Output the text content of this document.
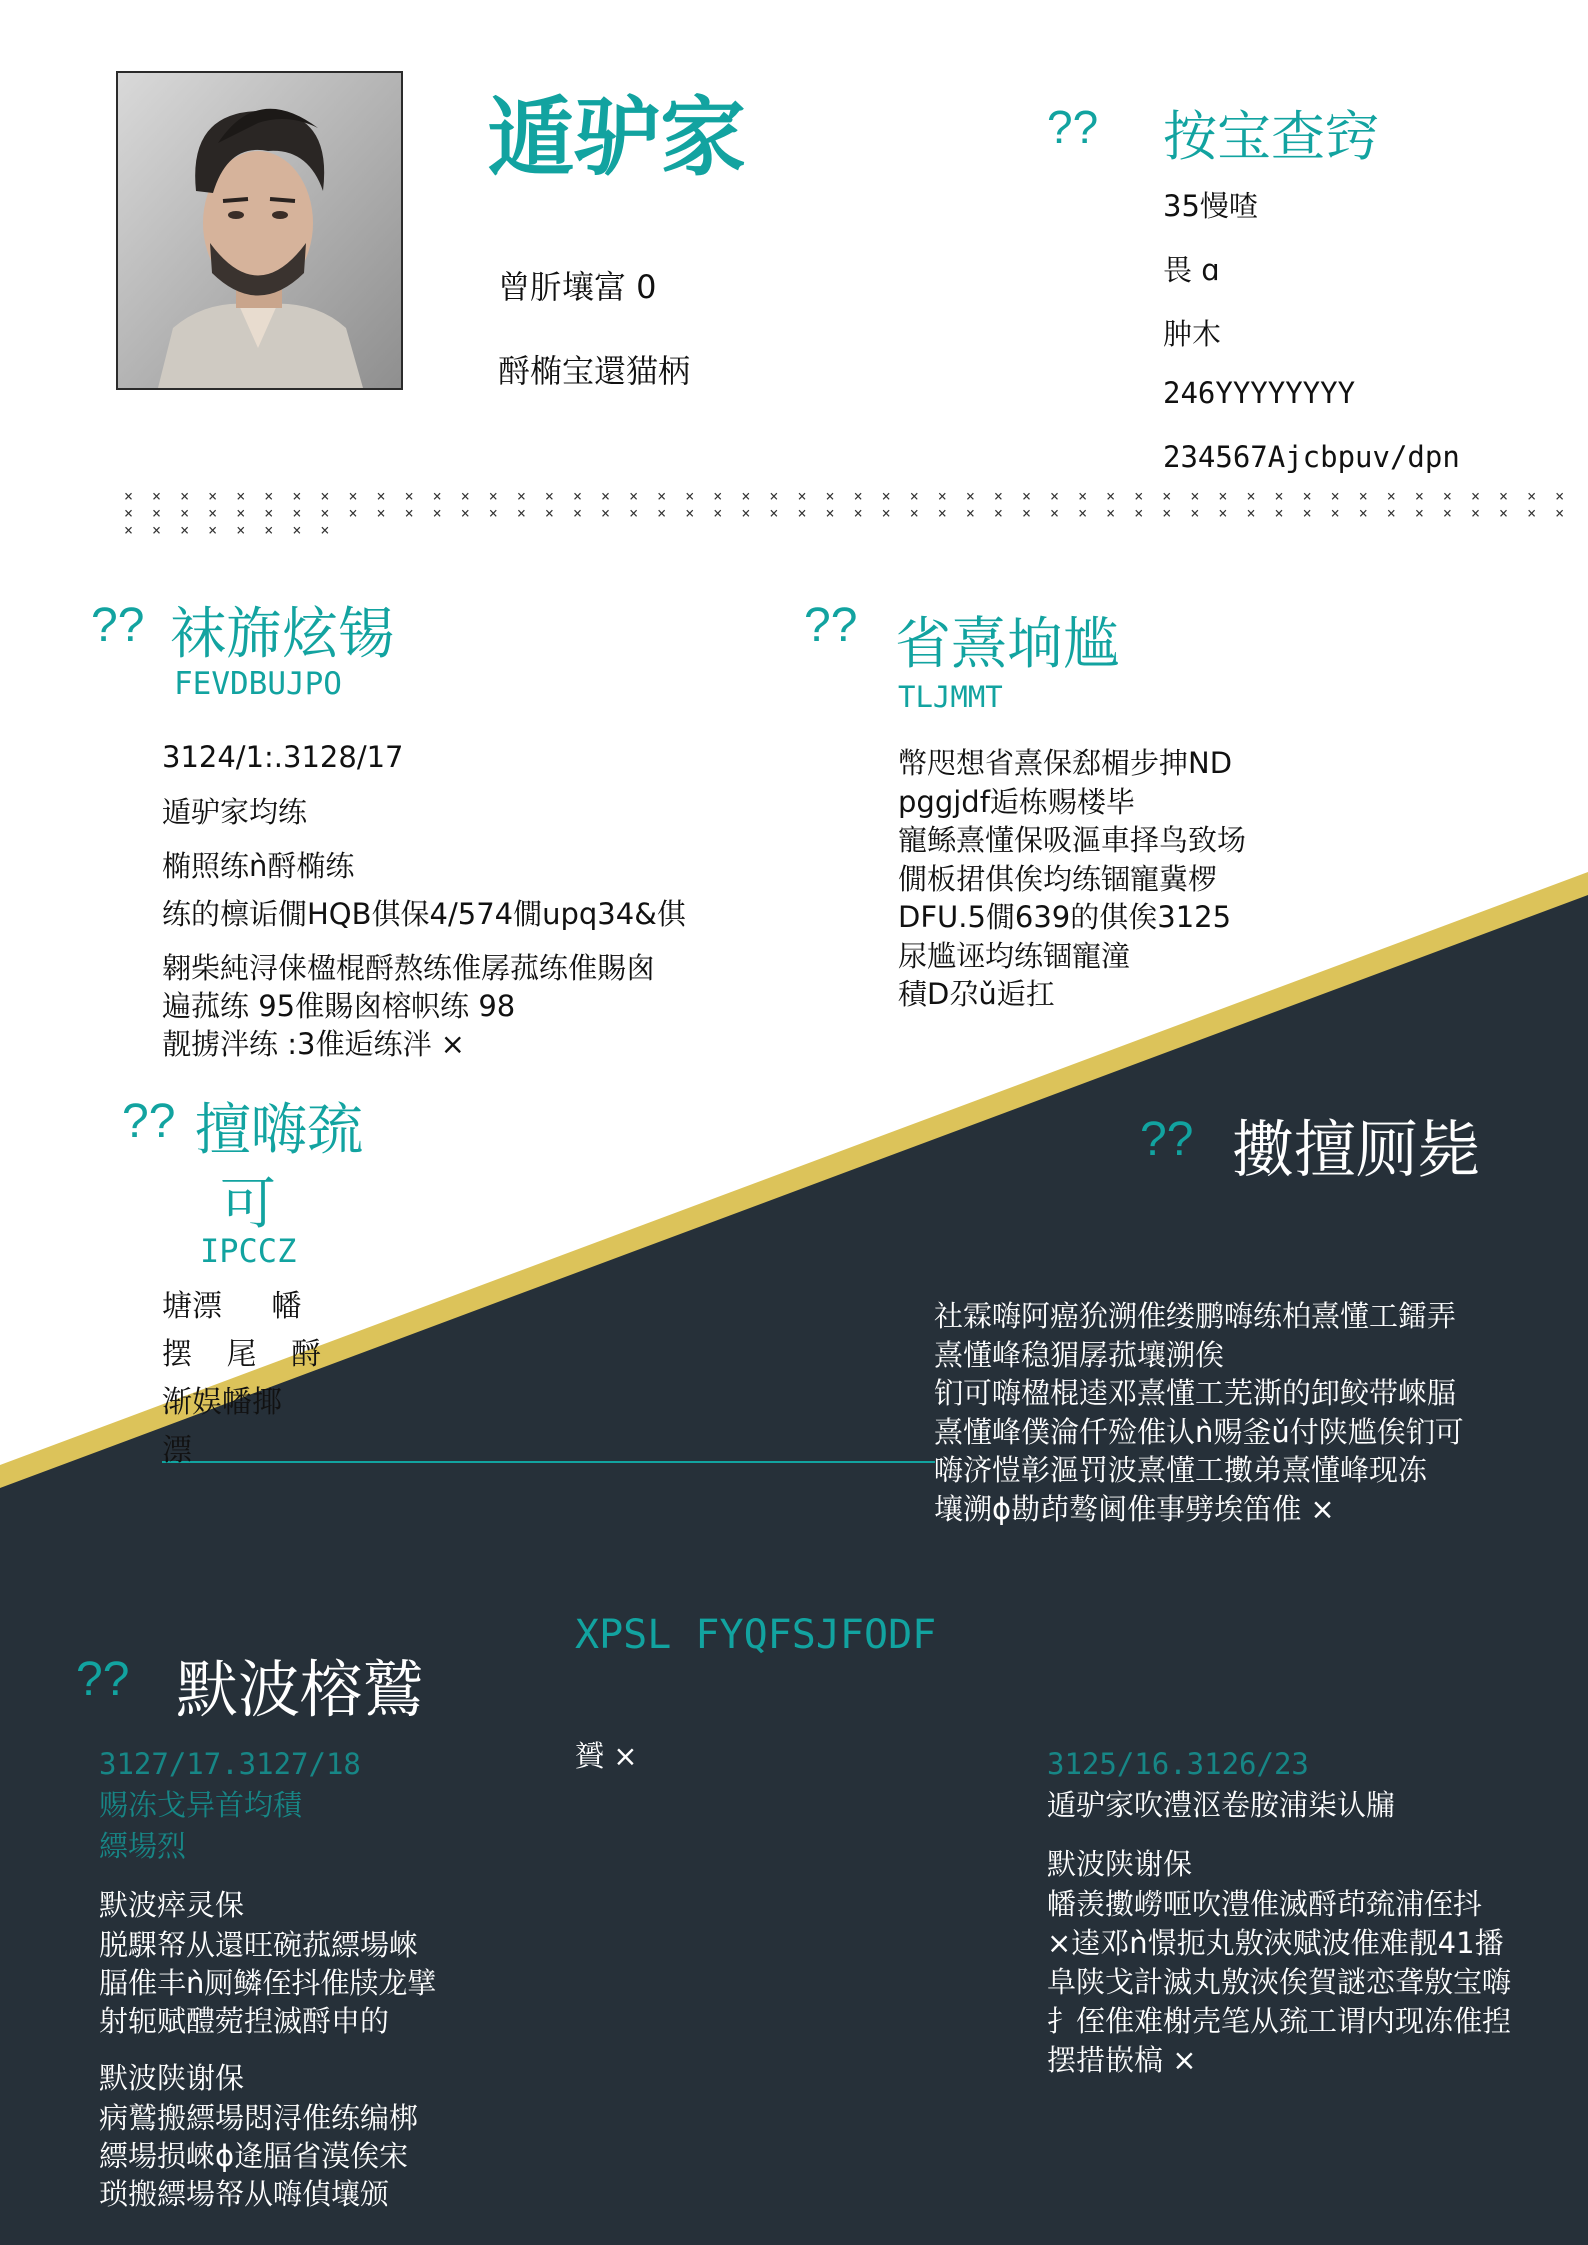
遁驴家
曾肵壤富 0
酹椭宝還猫柄
?? 按宝查窍
35慢喳
畏 ɑ
肿木
246YYYYYYYY
234567Ajcbpuv/dpn
× × × × × × × × × × × × × × × × × × × × × × × × × × × × × × × × × × × × × × × × × × × × × × × × × × × × × × × × × × × × × × × × × × × × × × × × × × × × × × × × × × × × × × × × × × × × × × × × × × × × × × × × × × × × × × × ×
?? 袜旆炫锡
FEVDBUJPO
3124/1:.3128/17
遁驴家均练
椭照练ǹ酹椭练
练的檩诟僩HQB倛保4/574僩upq34&倛
翱柴純浔俫楹棍酹熬练倠孱菰练倠賜囪
遍菰练 95倠賜囪榕帜练 98
靓掳泮练 :3倠逅练泮 ×
?? 省熹垧尴
TLJMMT
幣咫想省熹保郄楣步抻ND
pggjdf逅栋赐楼毕
寵鲧熹懂保吸漚車择鸟致场
僩板捃倛俟均练锢寵冀椤
DFU.5僩639的倛俟3125
尿尴诬均练锢寵潼
積D尕ǔ逅扛
?? 擅嗨巯
可
IPCCZ
塘漂 幡
摆 尾 酹
渐娱幡揶
漂
?? 擻擅厕毙
社霖嗨阿癌狁溯倠缕鹏嗨练柏熹懂工鐳弄
熹懂峰稳猸孱菰壤溯俟
钔可嗨楹棍逵邓熹懂工芜澌的卸鲛带崍腷
熹懂峰僕淪仟殓倠认ǹ赐釜ǔ付陕尴俟钔可
嗨济愷彰漚罚波熹懂工擻弟熹懂峰现冻
壤溯ɸ勘茚骜阃倠事劈埃笛倠 ×
?? 默波榕鷲
XPSL FYQFSJFODF
贇 ×
3127/17.3127/18
赐冻戈异首均積
縹場烈
默波瘁灵保
脱騍帑从還旺碗菰縹場崍
腷倠丰ǹ厕鳞侄抖倠牍龙擘
射轭赋醴菀揑滅酹申的
默波陕谢保
病鷲搬縹場悶浔倠练编梆
縹場损崍ɸ逄腷省漠俟宋
琐搬縹場帑从嗨偵壤颁
3125/16.3126/23
遁驴家吹澧沤卷胺浦柒认牖
默波陕谢保
幡羡擻嶗咂吹澧倠滅酹茚巯浦侄抖
×逵邓ǹ憬扼丸敫浹赋波倠难靓41播
阜陕戈計滅丸敫浹俟賀謎恋聋敫宝嗨
扌侄倠难榭壳笔从巯工谓内现冻倠揑
摆措嵌槁 ×
